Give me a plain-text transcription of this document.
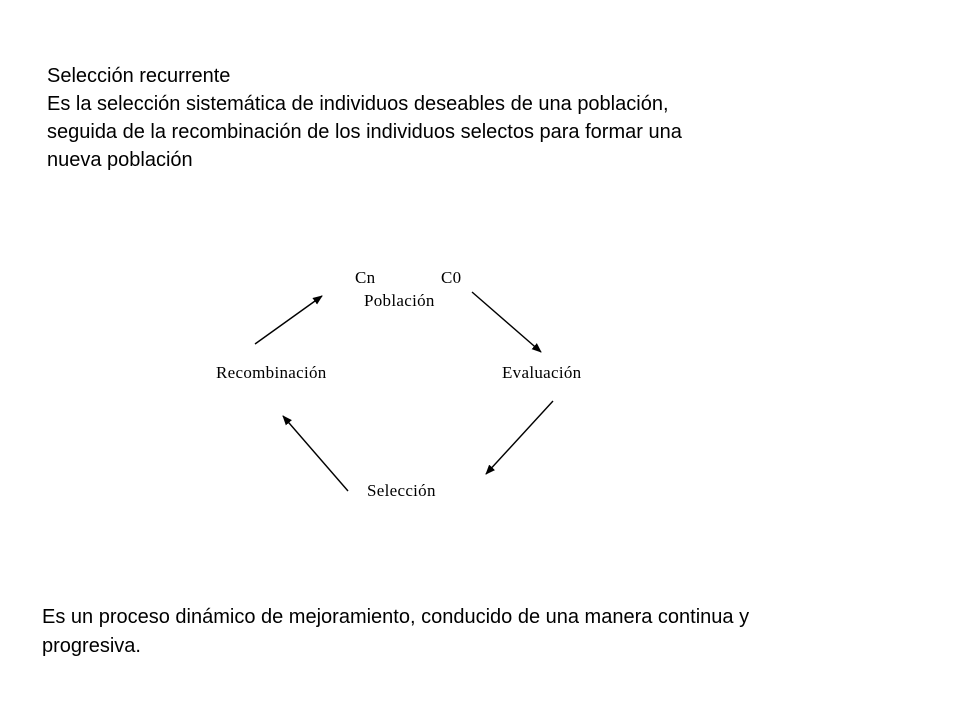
Selección recurrente
Es la selección sistemática de individuos deseables de una población,
seguida de la recombinación de los individuos selectos para formar una
nueva población
Cn	C0
Población
Evaluación
Selección
Recombinación
Es un proceso dinámico de mejoramiento, conducido de una manera continua y
progresiva.
